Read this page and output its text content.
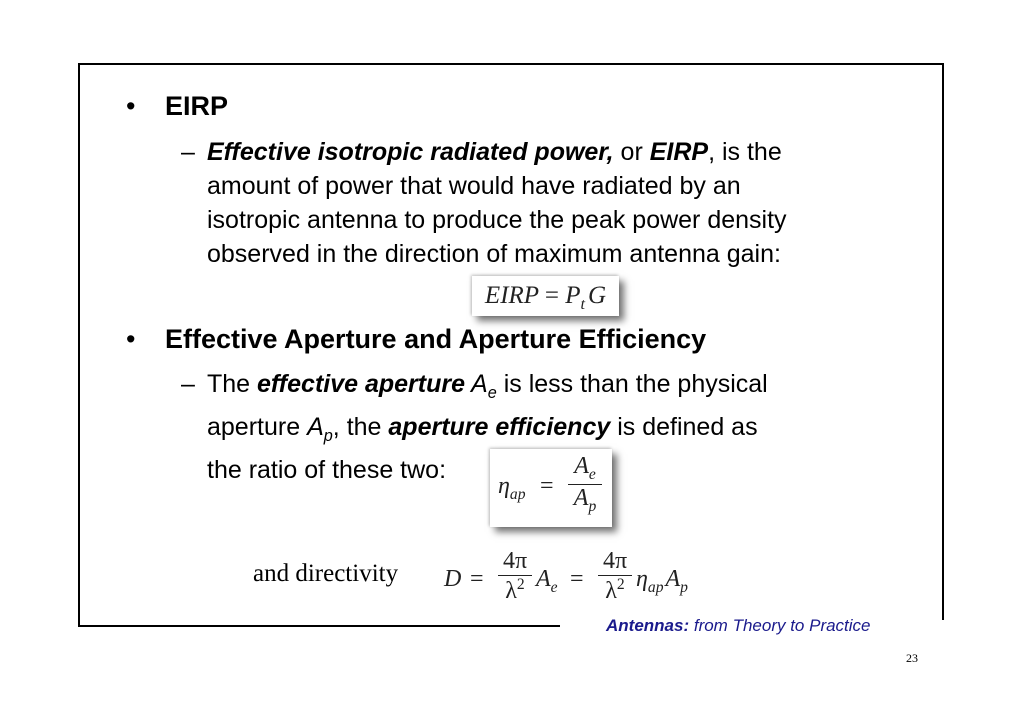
• EIRP
– Effective isotropic radiated power, or EIRP, is the
amount of power that would have radiated by an
isotropic antenna to produce the peak power density
observed in the direction of maximum antenna gain:
EIRP = $P_t$ G
• Effective Aperture and Aperture Efficiency
– The effective aperture $A_e$ is less than the physical
aperture $A_p$, the aperture efficiency is defined as
the ratio of these two:
$\eta_{ap}$ =
$A_e$
$A_p$
and directivity D =
4π
$\lambda^2$ $A_e$ =
4π
$\lambda^2$ $\eta_{ap}A_p$
Antennas: from Theory to Practice
23
